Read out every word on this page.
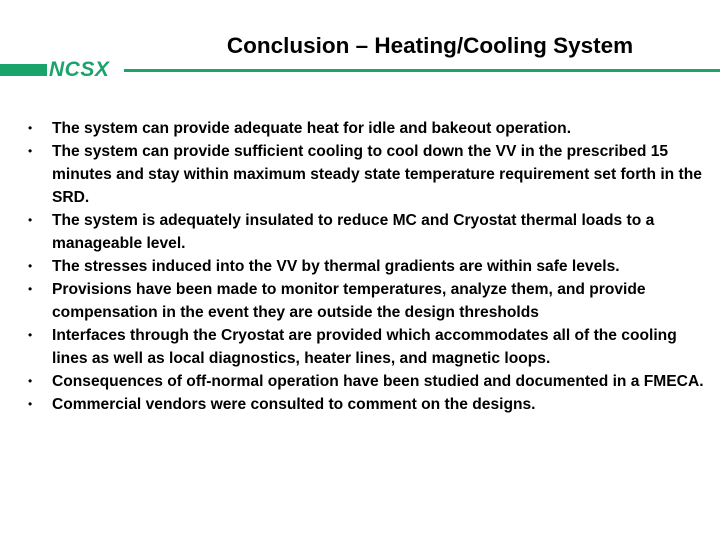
NCSX
Conclusion – Heating/Cooling System
• The system can provide adequate heat for idle and bakeout operation.
• The system can provide sufficient cooling to cool down the VV in the prescribed 15 minutes and stay within maximum steady state temperature requirement set forth in the SRD.
• The system is adequately insulated to reduce MC and Cryostat thermal loads to a manageable level.
• The stresses induced into the VV by thermal gradients are within safe levels.
• Provisions have been made to monitor temperatures, analyze them, and provide compensation in the event they are outside the design thresholds
• Interfaces through the Cryostat are provided which accommodates all of the cooling lines as well as local diagnostics, heater lines, and magnetic loops.
• Consequences of off-normal operation have been studied and documented in a FMECA.
• Commercial vendors were consulted to comment on the designs.
